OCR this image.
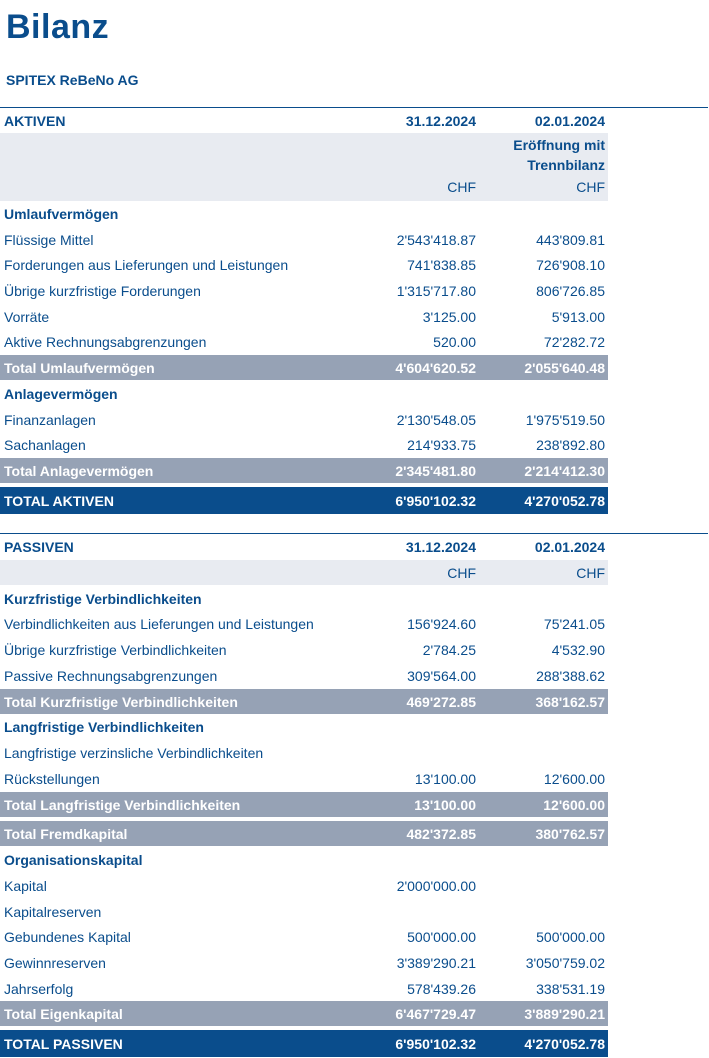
Bilanz
SPITEX ReBeNo AG
AKTIVEN	31.12.2024	02.01.2024
Eröffnung mit
Trennbilanz
CHF	CHF
Umlaufvermögen
Flüssige Mittel	2'543'418.87	443'809.81
Forderungen aus Lieferungen und Leistungen	741'838.85	726'908.10
Übrige kurzfristige Forderungen	1'315'717.80	806'726.85
Vorräte	3'125.00	5'913.00
Aktive Rechnungsabgrenzungen	520.00	72'282.72
Total Umlaufvermögen	4'604'620.52	2'055'640.48
Anlagevermögen
Finanzanlagen	2'130'548.05	1'975'519.50
Sachanlagen	214'933.75	238'892.80
Total Anlagevermögen	2'345'481.80	2'214'412.30
TOTAL AKTIVEN	6'950'102.32	4'270'052.78
PASSIVEN	31.12.2024	02.01.2024
CHF	CHF
Kurzfristige Verbindlichkeiten
Verbindlichkeiten aus Lieferungen und Leistungen	156'924.60	75'241.05
Übrige kurzfristige Verbindlichkeiten	2'784.25	4'532.90
Passive Rechnungsabgrenzungen	309'564.00	288'388.62
Total Kurzfristige Verbindlichkeiten	469'272.85	368'162.57
Langfristige Verbindlichkeiten
Langfristige verzinsliche Verbindlichkeiten
Rückstellungen	13'100.00	12'600.00
Total Langfristige Verbindlichkeiten	13'100.00	12'600.00
Total Fremdkapital	482'372.85	380'762.57
Organisationskapital
Kapital	2'000'000.00
Kapitalreserven
Gebundenes Kapital	500'000.00	500'000.00
Gewinnreserven	3'389'290.21	3'050'759.02
Jahrserfolg	578'439.26	338'531.19
Total Eigenkapital	6'467'729.47	3'889'290.21
TOTAL PASSIVEN	6'950'102.32	4'270'052.78
